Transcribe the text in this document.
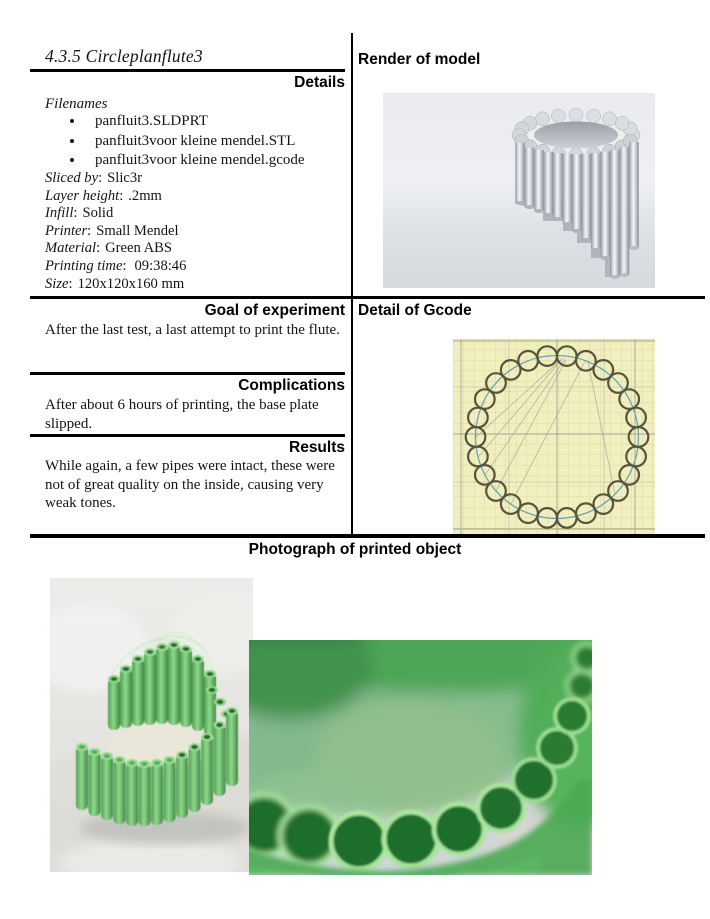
4.3.5 Circleplanflute3
Details
Filenames
• panfluit3.SLDPRT
• panfluit3voor kleine mendel.STL
• panfluit3voor kleine mendel.gcode
Sliced by: Slic3r
Layer height: .2mm
Infill: Solid
Printer: Small Mendel
Material: Green ABS
Printing time: 09:38:46
Size: 120x120x160 mm
Goal of experiment
After the last test, a last attempt to print the flute.
Complications
After about 6 hours of printing, the base plate slipped.
Results
While again, a few pipes were intact, these were not of great quality on the inside, causing very weak tones.
Render of model
Detail of Gcode
Photograph of printed object
